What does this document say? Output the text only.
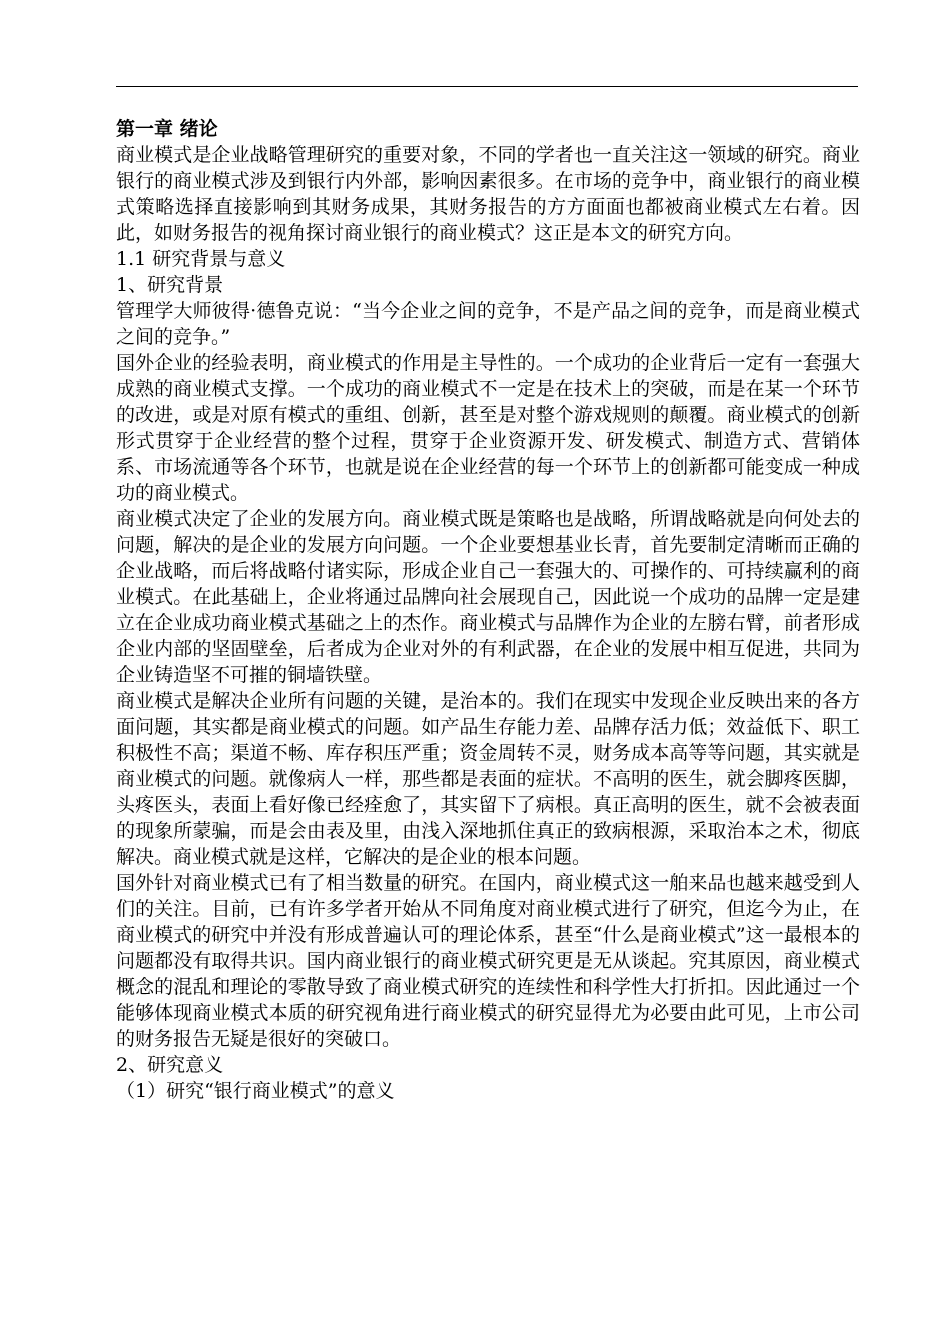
第一章 绪论

商业模式是企业战略管理研究的重要对象，不同的学者也一直关注这一领域的研究。商业银行的商业模式涉及到银行内外部，影响因素很多。在市场的竞争中，商业银行的商业模式策略选择直接影响到其财务成果，其财务报告的方方面面也都被商业模式左右着。因此，如财务报告的视角探讨商业银行的商业模式？这正是本文的研究方向。

1.1 研究背景与意义

1、研究背景

管理学大师彼得·德鲁克说：“当今企业之间的竞争，不是产品之间的竞争，而是商业模式之间的竞争。”

国外企业的经验表明，商业模式的作用是主导性的。一个成功的企业背后一定有一套强大成熟的商业模式支撑。一个成功的商业模式不一定是在技术上的突破，而是在某一个环节的改进，或是对原有模式的重组、创新，甚至是对整个游戏规则的颠覆。商业模式的创新形式贯穿于企业经营的整个过程，贯穿于企业资源开发、研发模式、制造方式、营销体系、市场流通等各个环节，也就是说在企业经营的每一个环节上的创新都可能变成一种成功的商业模式。

商业模式决定了企业的发展方向。商业模式既是策略也是战略，所谓战略就是向何处去的问题，解决的是企业的发展方向问题。一个企业要想基业长青，首先要制定清晰而正确的企业战略，而后将战略付诸实际，形成企业自己一套强大的、可操作的、可持续赢利的商业模式。在此基础上，企业将通过品牌向社会展现自己，因此说一个成功的品牌一定是建立在企业成功商业模式基础之上的杰作。商业模式与品牌作为企业的左膀右臂，前者形成企业内部的坚固壁垒，后者成为企业对外的有利武器，在企业的发展中相互促进，共同为企业铸造坚不可摧的铜墙铁壁。

商业模式是解决企业所有问题的关键，是治本的。我们在现实中发现企业反映出来的各方面问题，其实都是商业模式的问题。如产品生存能力差、品牌存活力低；效益低下、职工积极性不高；渠道不畅、库存积压严重；资金周转不灵，财务成本高等等问题，其实就是商业模式的问题。就像病人一样，那些都是表面的症状。不高明的医生，就会脚疼医脚，头疼医头，表面上看好像已经痊愈了，其实留下了病根。真正高明的医生，就不会被表面的现象所蒙骗，而是会由表及里，由浅入深地抓住真正的致病根源，采取治本之术，彻底解决。商业模式就是这样，它解决的是企业的根本问题。

国外针对商业模式已有了相当数量的研究。在国内，商业模式这一舶来品也越来越受到人们的关注。目前，已有许多学者开始从不同角度对商业模式进行了研究，但迄今为止，在商业模式的研究中并没有形成普遍认可的理论体系，甚至“什么是商业模式”这一最根本的问题都没有取得共识。国内商业银行的商业模式研究更是无从谈起。究其原因，商业模式概念的混乱和理论的零散导致了商业模式研究的连续性和科学性大打折扣。因此通过一个能够体现商业模式本质的研究视角进行商业模式的研究显得尤为必要由此可见，上市公司的财务报告无疑是很好的突破口。

2、研究意义

（1）研究“银行商业模式”的意义
